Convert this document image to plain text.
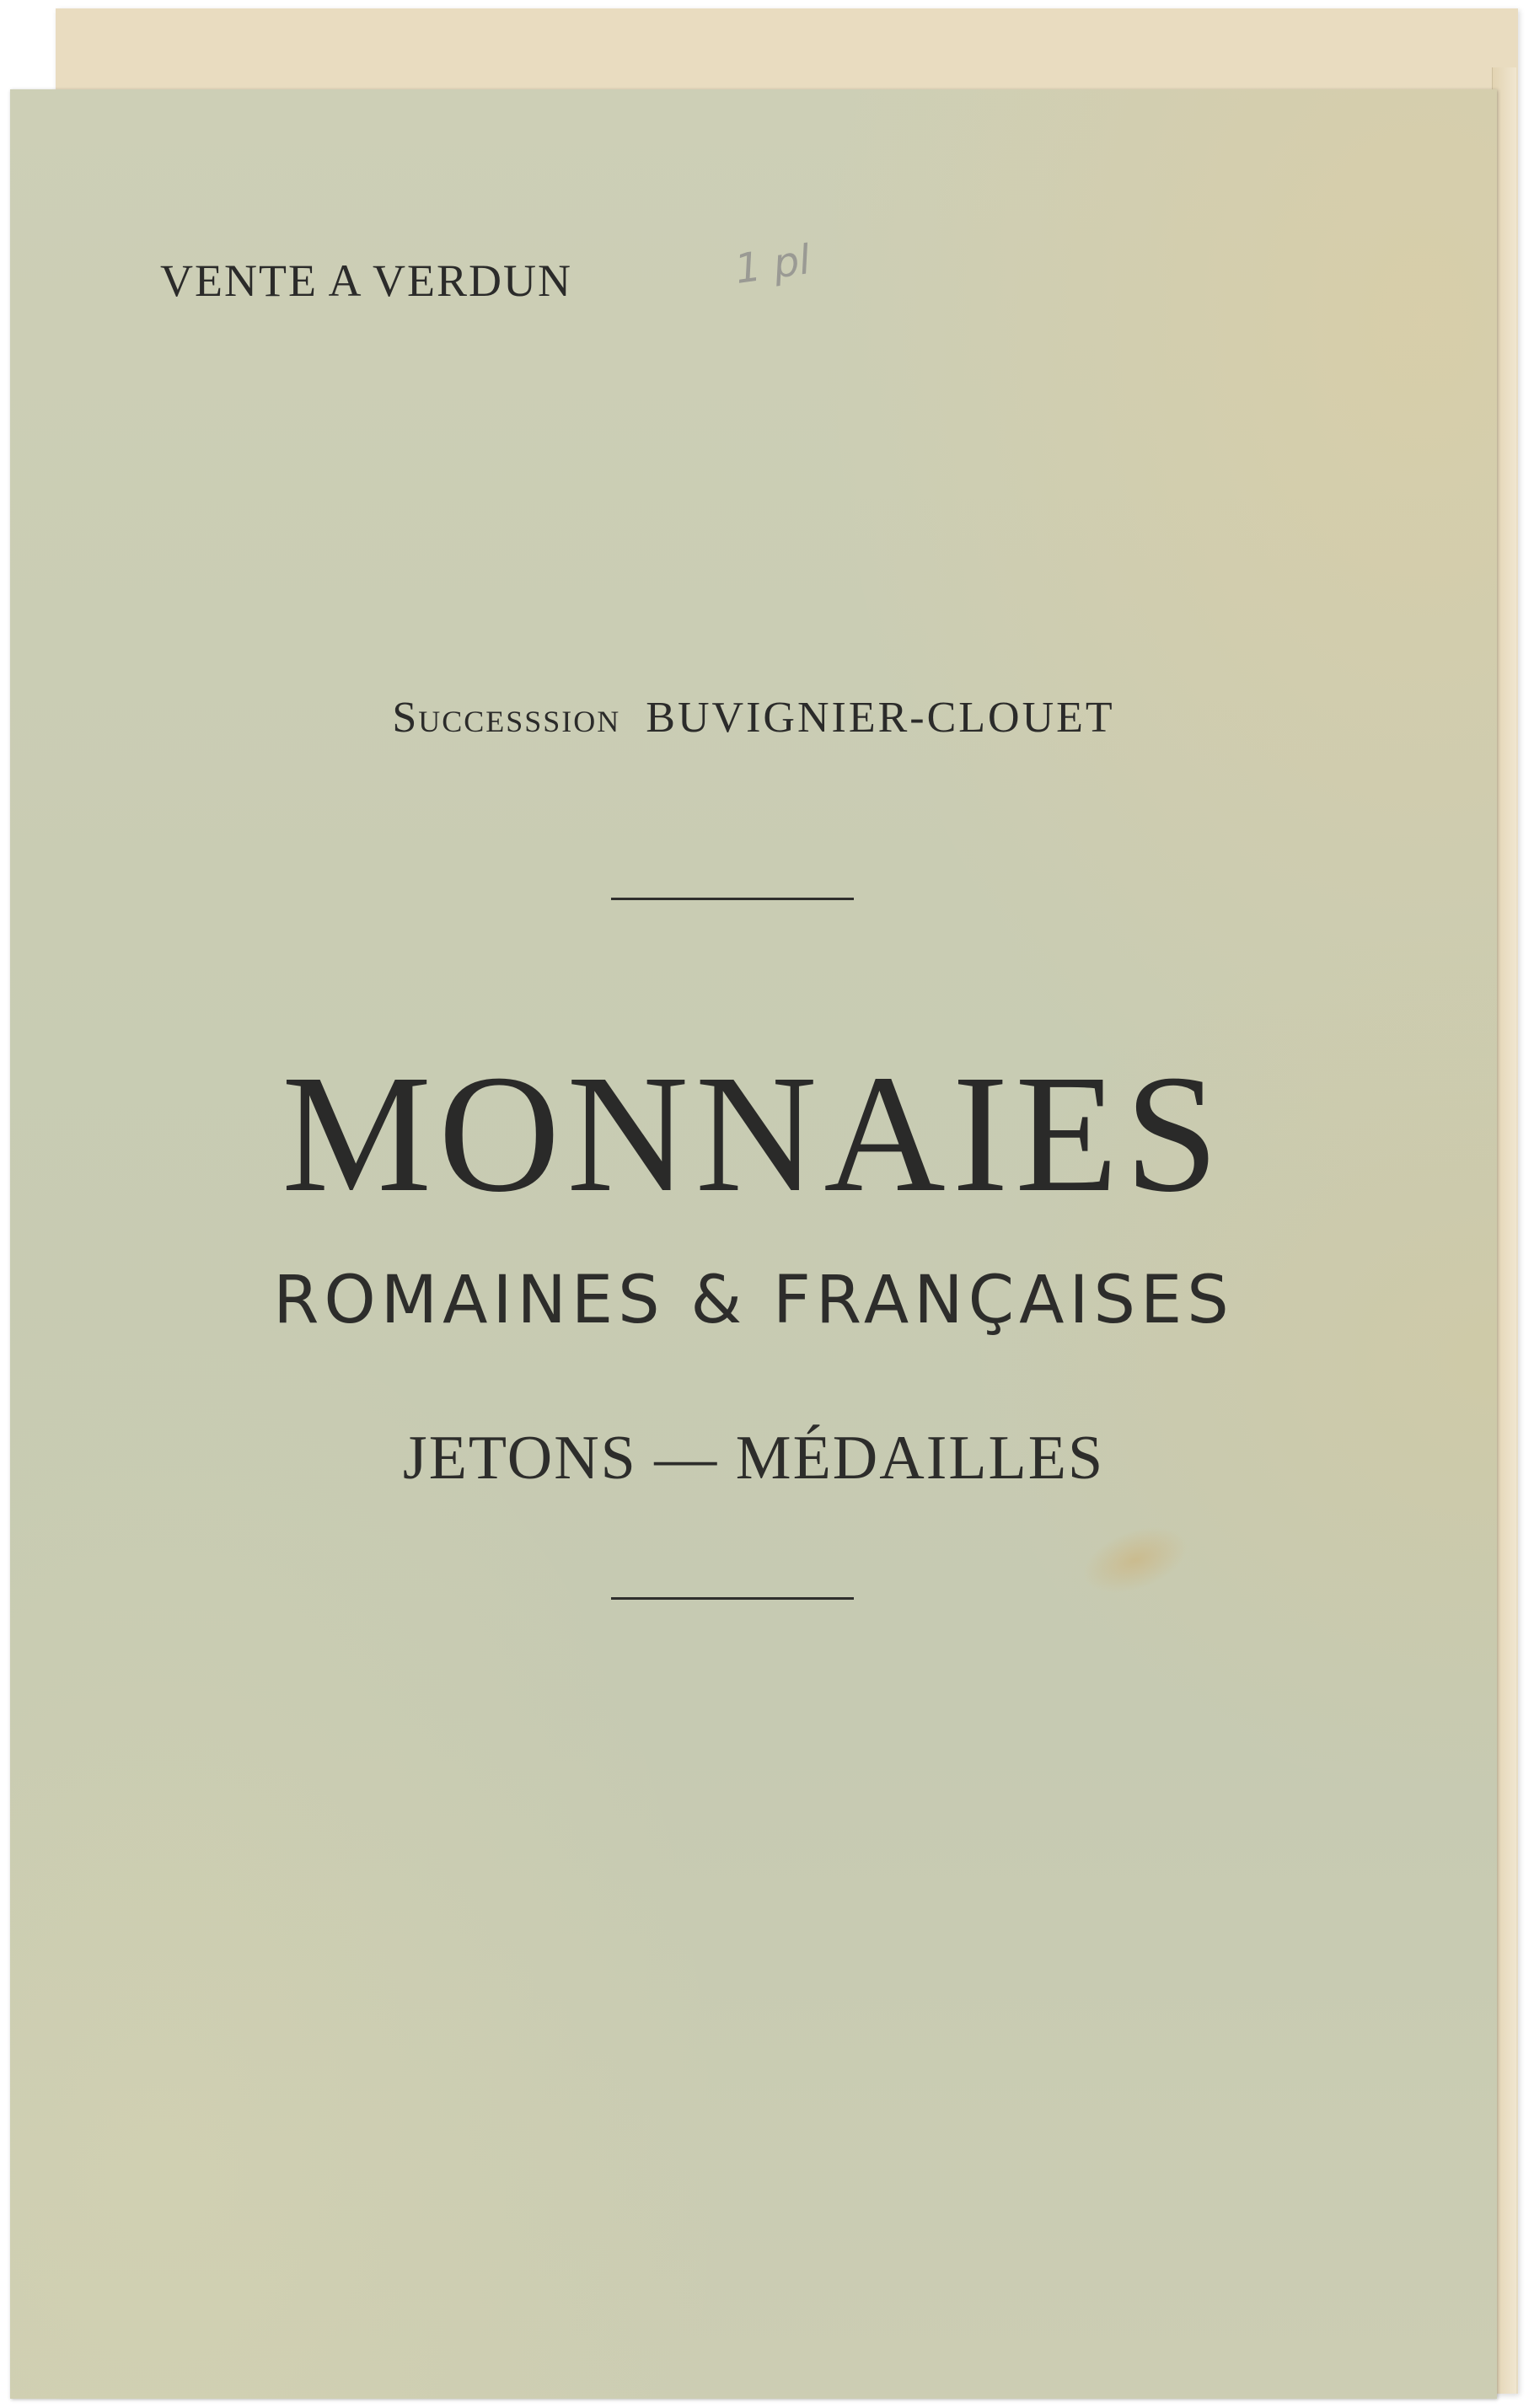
VENTE A VERDUN	1 pl
Successsion BUVIGNIER-CLOUET
MONNAIES
ROMAINES & FRANÇAISES
JETONS — MÉDAILLES
